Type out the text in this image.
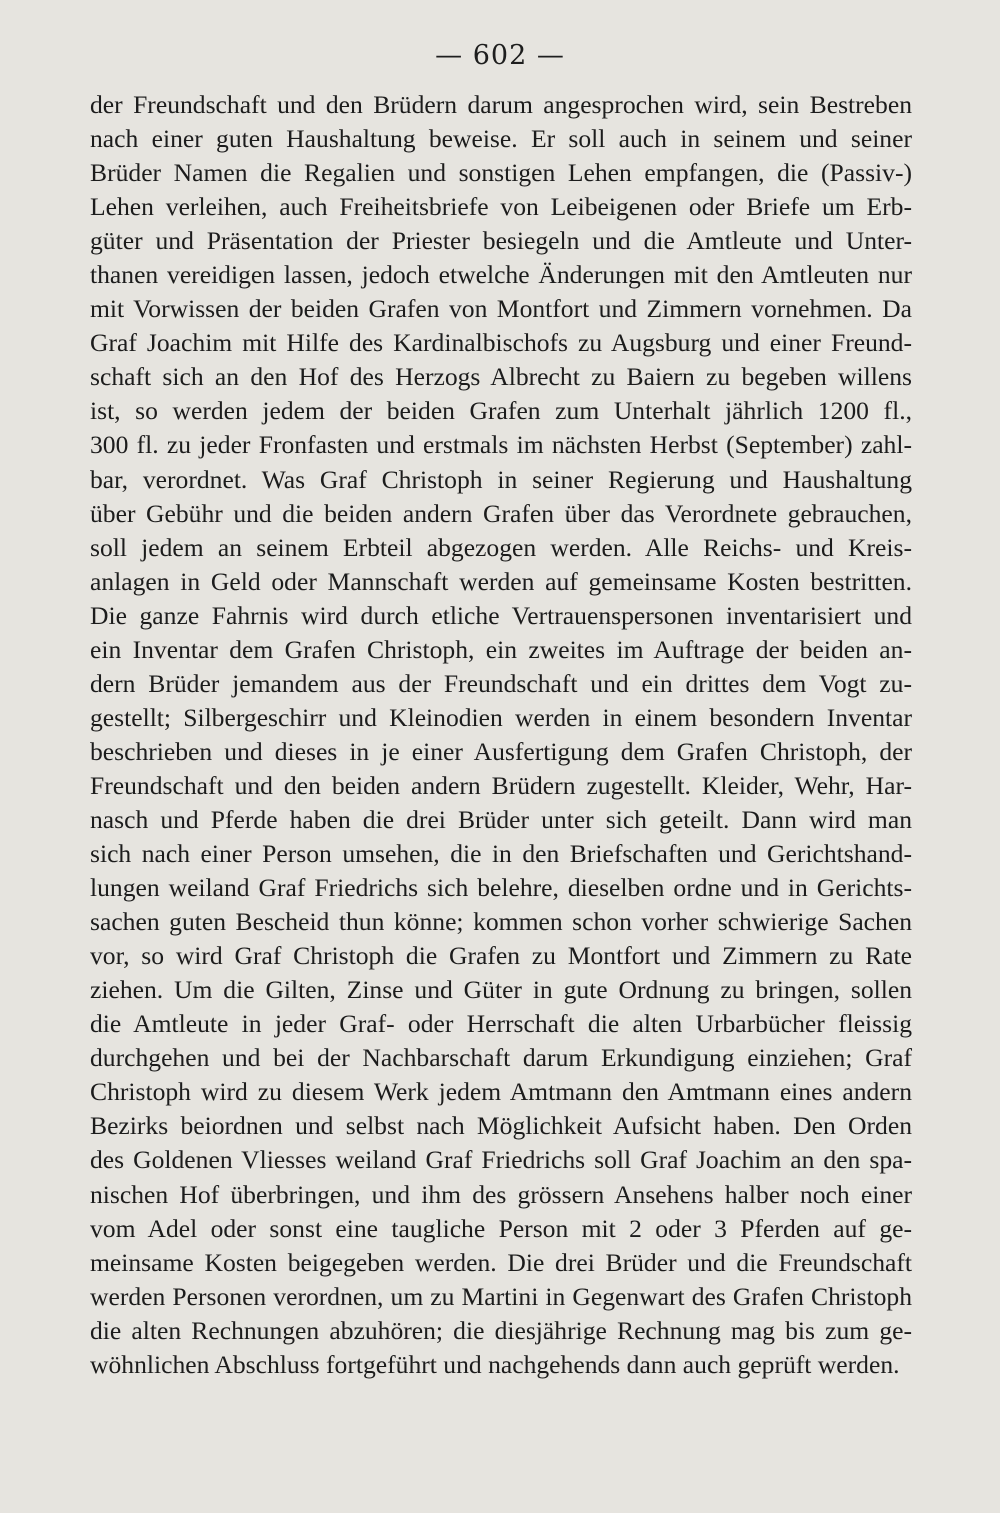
— 602 —

der Freundschaft und den Brüdern darum angesprochen wird, sein Bestreben
nach einer guten Haushaltung beweise. Er soll auch in seinem und seiner
Brüder Namen die Regalien und sonstigen Lehen empfangen, die (Passiv-)
Lehen verleihen, auch Freiheitsbriefe von Leibeigenen oder Briefe um Erb-
güter und Präsentation der Priester besiegeln und die Amtleute und Unter-
thanen vereidigen lassen, jedoch etwelche Änderungen mit den Amtleuten nur
mit Vorwissen der beiden Grafen von Montfort und Zimmern vornehmen. Da
Graf Joachim mit Hilfe des Kardinalbischofs zu Augsburg und einer Freund-
schaft sich an den Hof des Herzogs Albrecht zu Baiern zu begeben willens
ist, so werden jedem der beiden Grafen zum Unterhalt jährlich 1200 fl.,
300 fl. zu jeder Fronfasten und erstmals im nächsten Herbst (September) zahl-
bar, verordnet. Was Graf Christoph in seiner Regierung und Haushaltung
über Gebühr und die beiden andern Grafen über das Verordnete gebrauchen,
soll jedem an seinem Erbteil abgezogen werden. Alle Reichs- und Kreis-
anlagen in Geld oder Mannschaft werden auf gemeinsame Kosten bestritten.
Die ganze Fahrnis wird durch etliche Vertrauenspersonen inventarisiert und
ein Inventar dem Grafen Christoph, ein zweites im Auftrage der beiden an-
dern Brüder jemandem aus der Freundschaft und ein drittes dem Vogt zu-
gestellt; Silbergeschirr und Kleinodien werden in einem besondern Inventar
beschrieben und dieses in je einer Ausfertigung dem Grafen Christoph, der
Freundschaft und den beiden andern Brüdern zugestellt. Kleider, Wehr, Har-
nasch und Pferde haben die drei Brüder unter sich geteilt. Dann wird man
sich nach einer Person umsehen, die in den Briefschaften und Gerichtshand-
lungen weiland Graf Friedrichs sich belehre, dieselben ordne und in Gerichts-
sachen guten Bescheid thun könne; kommen schon vorher schwierige Sachen
vor, so wird Graf Christoph die Grafen zu Montfort und Zimmern zu Rate
ziehen. Um die Gilten, Zinse und Güter in gute Ordnung zu bringen, sollen
die Amtleute in jeder Graf- oder Herrschaft die alten Urbarbücher fleissig
durchgehen und bei der Nachbarschaft darum Erkundigung einziehen; Graf
Christoph wird zu diesem Werk jedem Amtmann den Amtmann eines andern
Bezirks beiordnen und selbst nach Möglichkeit Aufsicht haben. Den Orden
des Goldenen Vliesses weiland Graf Friedrichs soll Graf Joachim an den spa-
nischen Hof überbringen, und ihm des grössern Ansehens halber noch einer
vom Adel oder sonst eine taugliche Person mit 2 oder 3 Pferden auf ge-
meinsame Kosten beigegeben werden. Die drei Brüder und die Freundschaft
werden Personen verordnen, um zu Martini in Gegenwart des Grafen Christoph
die alten Rechnungen abzuhören; die diesjährige Rechnung mag bis zum ge-
wöhnlichen Abschluss fortgeführt und nachgehends dann auch geprüft werden.
